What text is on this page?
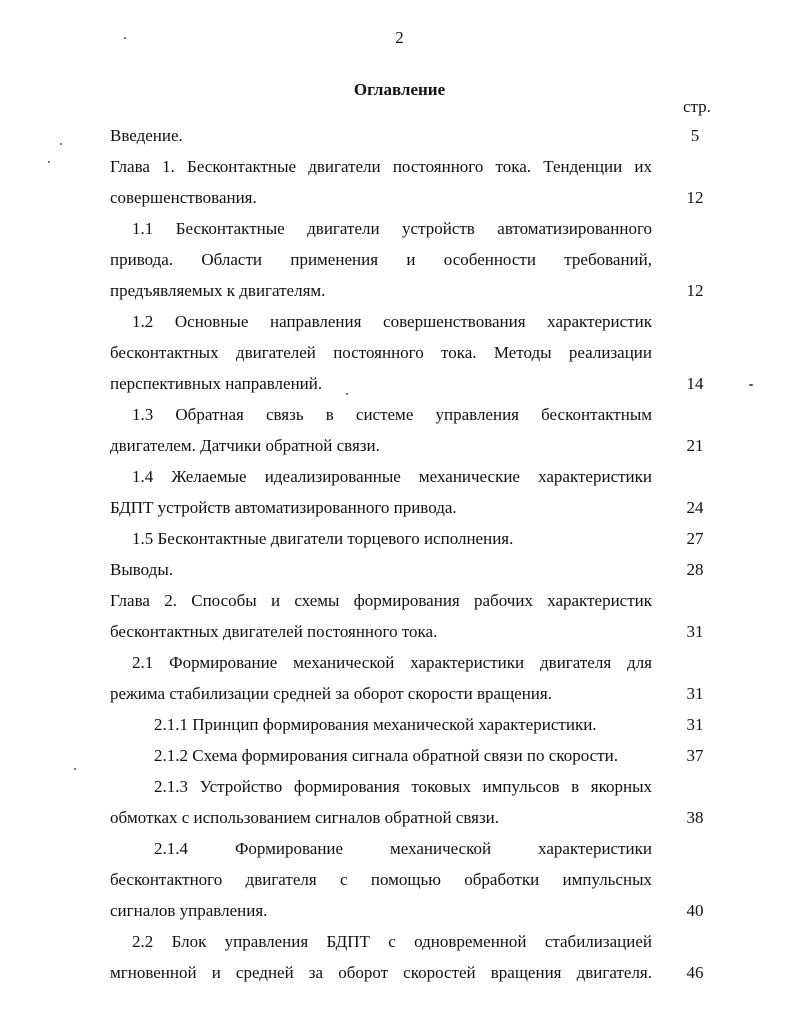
2
Оглавление
стр.
Введение.	5
Глава 1. Бесконтактные двигатели постоянного тока. Тенденции их
совершенствования.	12
1.1 Бесконтактные двигатели устройств автоматизированного
привода. Области применения и особенности требований,
предъявляемых к двигателям.	12
1.2 Основные направления совершенствования характеристик
бесконтактных двигателей постоянного тока. Методы реализации
перспективных направлений.	14
1.3 Обратная связь в системе управления бесконтактным
двигателем. Датчики обратной связи.	21
1.4 Желаемые идеализированные механические характеристики
БДПТ устройств автоматизированного привода.	24
1.5 Бесконтактные двигатели торцевого исполнения.	27
Выводы.	28
Глава 2. Способы и схемы формирования рабочих характеристик
бесконтактных двигателей постоянного тока.	31
2.1 Формирование механической характеристики двигателя для
режима стабилизации средней за оборот скорости вращения.	31
2.1.1 Принцип формирования механической характеристики.	31
2.1.2 Схема формирования сигнала обратной связи по скорости.	37
2.1.3 Устройство формирования токовых импульсов в якорных
обмотках с использованием сигналов обратной связи.	38
2.1.4 Формирование механической характеристики
бесконтактного двигателя с помощью обработки импульсных
сигналов управления.	40
2.2 Блок управления БДПТ с одновременной стабилизацией
мгновенной и средней за оборот скоростей вращения двигателя.	46
